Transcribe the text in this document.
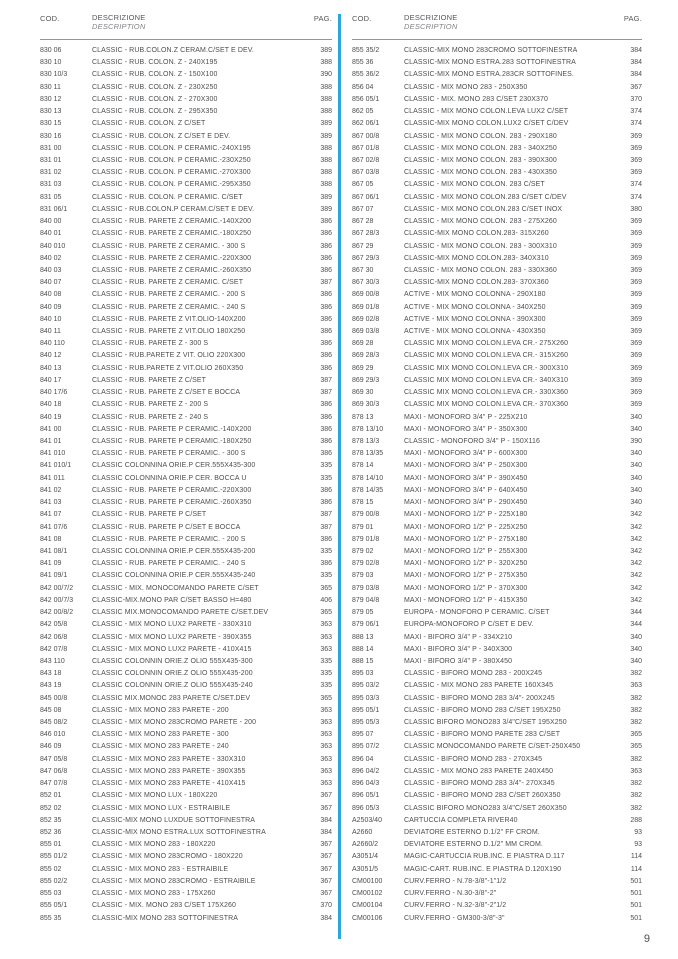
COD.	DESCRIZIONE
DESCRIPTION
PAG.
830 06	CLASSIC - RUB.COLON.Z CERAM.C/SET E DEV.	389
830 10	CLASSIC - RUB. COLON. Z - 240X195	388
830 10/3	CLASSIC - RUB. COLON. Z - 150X100	390
830 11	CLASSIC - RUB. COLON. Z - 230X250	388
830 12	CLASSIC - RUB. COLON. Z - 270X300	388
830 13	CLASSIC - RUB. COLON. Z - 295X350	388
830 15	CLASSIC - RUB. COLON. Z C/SET	389
830 16	CLASSIC - RUB. COLON. Z C/SET E DEV.	389
831 00	CLASSIC - RUB. COLON. P CERAMIC.-240X195	388
831 01	CLASSIC - RUB. COLON. P CERAMIC.-230X250	388
831 02	CLASSIC - RUB. COLON. P CERAMIC.-270X300	388
831 03	CLASSIC - RUB. COLON. P CERAMIC.-295X350	388
831 05	CLASSIC - RUB. COLON. P CERAMIC. C/SET	389
831 06/1	CLASSIC - RUB.COLON.P CERAM.C/SET E DEV.	389
840 00	CLASSIC - RUB. PARETE Z CERAMIC.-140X200	386
840 01	CLASSIC - RUB. PARETE Z CERAMIC.-180X250	386
840 010	CLASSIC - RUB. PARETE Z CERAMIC. - 300 S	386
840 02	CLASSIC - RUB. PARETE Z CERAMIC.-220X300	386
840 03	CLASSIC - RUB. PARETE Z CERAMIC.-260X350	386
840 07	CLASSIC - RUB. PARETE Z CERAMIC. C/SET	387
840 08	CLASSIC - RUB. PARETE Z CERAMIC. - 200 S	386
840 09	CLASSIC - RUB. PARETE Z CERAMIC. - 240 S	386
840 10	CLASSIC - RUB. PARETE Z VIT.OLIO-140X200	386
840 11	CLASSIC - RUB. PARETE Z VIT.OLIO 180X250	386
840 110	CLASSIC - RUB. PARETE Z - 300 S	386
840 12	CLASSIC - RUB.PARETE Z VIT. OLIO 220X300	386
840 13	CLASSIC - RUB.PARETE Z VIT.OLIO 260X350	386
840 17	CLASSIC - RUB. PARETE Z C/SET	387
840 17/6	CLASSIC - RUB. PARETE Z C/SET E BOCCA	387
840 18	CLASSIC - RUB. PARETE Z - 200 S	386
840 19	CLASSIC - RUB. PARETE Z - 240 S	386
841 00	CLASSIC - RUB. PARETE P CERAMIC.-140X200	386
841 01	CLASSIC - RUB. PARETE P CERAMIC.-180X250	386
841 010	CLASSIC - RUB. PARETE P CERAMIC. - 300 S	386
841 010/1	CLASSIC COLONNINA ORIE.P CER.555X435-300	335
841 011	CLASSIC COLONNINA ORIE.P CER. BOCCA U	335
841 02	CLASSIC - RUB. PARETE P CERAMIC.-220X300	386
841 03	CLASSIC - RUB. PARETE P CERAMIC.-260X350	386
841 07	CLASSIC - RUB. PARETE P C/SET	387
841 07/6	CLASSIC - RUB. PARETE P C/SET E BOCCA	387
841 08	CLASSIC - RUB. PARETE P CERAMIC. - 200 S	386
841 08/1	CLASSIC COLONNINA ORIE.P CER.555X435-200	335
841 09	CLASSIC - RUB. PARETE P CERAMIC. - 240 S	386
841 09/1	CLASSIC COLONNINA ORIE.P CER.555X435-240	335
842 00/7/2	CLASSIC - MIX. MONOCOMANDO PARETE C/SET	365
842 00/7/3	CLASSIC-MIX.MONO PAR C/SET BASSO H=480	406
842 00/8/2	CLASSIC MIX.MONOCOMANDO PARETE C/SET.DEV	365
842 05/8	CLASSIC - MIX MONO LUX2 PARETE - 330X310	363
842 06/8	CLASSIC - MIX MONO LUX2 PARETE - 390X355	363
842 07/8	CLASSIC - MIX MONO LUX2 PARETE - 410X415	363
843 110	CLASSIC COLONNIN ORIE.Z OLIO 555X435-300	335
843 18	CLASSIC COLONNIN ORIE.Z OLIO 555X435-200	335
843 19	CLASSIC COLONNIN ORIE.Z OLIO 555X435-240	335
845 00/8	CLASSIC MIX.MONOC 283 PARETE C/SET.DEV	365
845 08	CLASSIC - MIX MONO 283 PARETE - 200	363
845 08/2	CLASSIC - MIX MONO 283CROMO PARETE - 200	363
846 010	CLASSIC - MIX MONO 283 PARETE - 300	363
846 09	CLASSIC - MIX MONO 283 PARETE - 240	363
847 05/8	CLASSIC - MIX MONO 283 PARETE - 330X310	363
847 06/8	CLASSIC - MIX MONO 283 PARETE - 390X355	363
847 07/8	CLASSIC - MIX MONO 283 PARETE - 410X415	363
852 01	CLASSIC - MIX MONO LUX - 180X220	367
852 02	CLASSIC - MIX MONO LUX - ESTRAIBILE	367
852 35	CLASSIC-MIX MONO LUXDUE SOTTOFINESTRA	384
852 36	CLASSIC-MIX MONO ESTRA.LUX SOTTOFINESTRA	384
855 01	CLASSIC - MIX MONO 283 - 180X220	367
855 01/2	CLASSIC - MIX MONO 283CROMO - 180X220	367
855 02	CLASSIC - MIX MONO 283 - ESTRAIBILE	367
855 02/2	CLASSIC - MIX MONO 283CROMO - ESTRAIBILE	367
855 03	CLASSIC - MIX MONO 283 - 175X260	367
855 05/1	CLASSIC - MIX. MONO 283 C/SET 175X260	370
855 35	CLASSIC-MIX MONO 283 SOTTOFINESTRA	384
COD.	DESCRIZIONE
DESCRIPTION
PAG.
855 35/2	CLASSIC-MIX MONO 283CROMO SOTTOFINESTRA	384
855 36	CLASSIC-MIX MONO ESTRA.283 SOTTOFINESTRA	384
855 36/2	CLASSIC-MIX MONO ESTRA.283CR SOTTOFINES.	384
856 04	CLASSIC - MIX MONO 283 - 250X350	367
856 05/1	CLASSIC - MIX. MONO 283 C/SET 230X370	370
862 05	CLASSIC - MIX MONO COLON.LEVA LUX2 C/SET	374
862 06/1	CLASSIC-MIX MONO COLON.LUX2 C/SET C/DEV	374
867 00/8	CLASSIC - MIX MONO COLON. 283 - 290X180	369
867 01/8	CLASSIC - MIX MONO COLON. 283 - 340X250	369
867 02/8	CLASSIC - MIX MONO COLON. 283 - 390X300	369
867 03/8	CLASSIC - MIX MONO COLON. 283 - 430X350	369
867 05	CLASSIC - MIX MONO COLON. 283 C/SET	374
867 06/1	CLASSIC - MIX MONO COLON.283 C/SET C/DEV	374
867 07	CLASSIC - MIX MONO COLON.283 C/SET INOX	380
867 28	CLASSIC - MIX MONO COLON. 283 - 275X260	369
867 28/3	CLASSIC-MIX MONO COLON.283- 315X260	369
867 29	CLASSIC - MIX MONO COLON. 283 - 300X310	369
867 29/3	CLASSIC-MIX MONO COLON.283- 340X310	369
867 30	CLASSIC - MIX MONO COLON. 283 - 330X360	369
867 30/3	CLASSIC-MIX MONO COLON.283- 370X360	369
869 00/8	ACTIVE - MIX MONO COLONNA - 290X180	369
869 01/8	ACTIVE - MIX MONO COLONNA - 340X250	369
869 02/8	ACTIVE - MIX MONO COLONNA - 390X300	369
869 03/8	ACTIVE - MIX MONO COLONNA - 430X350	369
869 28	CLASSIC MIX MONO COLON.LEVA CR.- 275X260	369
869 28/3	CLASSIC MIX MONO COLON.LEVA CR.- 315X260	369
869 29	CLASSIC MIX MONO COLON.LEVA CR.- 300X310	369
869 29/3	CLASSIC MIX MONO COLON.LEVA CR.- 340X310	369
869 30	CLASSIC MIX MONO COLON.LEVA CR.- 330X360	369
869 30/3	CLASSIC MIX MONO COLON.LEVA CR.- 370X360	369
878 13	MAXI - MONOFORO 3/4" P - 225X210	340
878 13/10	MAXI - MONOFORO 3/4" P - 350X300	340
878 13/3	CLASSIC - MONOFORO 3/4" P - 150X116	390
878 13/35	MAXI - MONOFORO 3/4" P - 600X300	340
878 14	MAXI - MONOFORO 3/4" P - 250X300	340
878 14/10	MAXI - MONOFORO 3/4" P - 390X450	340
878 14/35	MAXI - MONOFORO 3/4" P - 640X450	340
878 15	MAXI - MONOFORO 3/4" P - 290X450	340
879 00/8	MAXI - MONOFORO 1/2" P - 225X180	342
879 01	MAXI - MONOFORO 1/2" P - 225X250	342
879 01/8	MAXI - MONOFORO 1/2" P - 275X180	342
879 02	MAXI - MONOFORO 1/2" P - 255X300	342
879 02/8	MAXI - MONOFORO 1/2" P - 320X250	342
879 03	MAXI - MONOFORO 1/2" P - 275X350	342
879 03/8	MAXI - MONOFORO 1/2" P - 370X300	342
879 04/8	MAXI - MONOFORO 1/2" P - 415X350	342
879 05	EUROPA - MONOFORO P CERAMIC. C/SET	344
879 06/1	EUROPA-MONOFORO P C/SET E DEV.	344
888 13	MAXI - BIFORO 3/4" P - 334X210	340
888 14	MAXI - BIFORO 3/4" P - 340X300	340
888 15	MAXI - BIFORO 3/4" P - 380X450	340
895 03	CLASSIC - BIFORO MONO 283 - 200X245	382
895 03/2	CLASSIC - MIX MONO 283 PARETE 160X345	363
895 03/3	CLASSIC - BIFORO MONO 283 3/4"- 200X245	382
895 05/1	CLASSIC - BIFORO MONO 283 C/SET 195X250	382
895 05/3	CLASSIC BIFORO MONO283 3/4"C/SET 195X250	382
895 07	CLASSIC - BIFORO MONO PARETE 283 C/SET	365
895 07/2	CLASSIC MONOCOMANDO PARETE C/SET-250X450	365
896 04	CLASSIC - BIFORO MONO 283 - 270X345	382
896 04/2	CLASSIC - MIX MONO 283 PARETE 240X450	363
896 04/3	CLASSIC - BIFORO MONO 283 3/4"- 270X345	382
896 05/1	CLASSIC - BIFORO MONO 283 C/SET 260X350	382
896 05/3	CLASSIC BIFORO MONO283 3/4"C/SET 260X350	382
A2503/40	CARTUCCIA COMPLETA RIVER40	288
A2660	DEVIATORE ESTERNO D.1/2" FF CROM.	93
A2660/2	DEVIATORE ESTERNO D.1/2" MM CROM.	93
A3051/4	MAGIC-CARTUCCIA RUB.INC. E PIASTRA D.117	114
A3051/5	MAGIC-CART. RUB.INC. E PIASTRA D.120X190	114
CM00100	CURV.FERRO - N.78-3/8"-1"1/2	501
CM00102	CURV.FERRO - N.30-3/8"-2"	501
CM00104	CURV.FERRO - N.32-3/8"-2"1/2	501
CM00106	CURV.FERRO - GM300-3/8"-3"	501
9
